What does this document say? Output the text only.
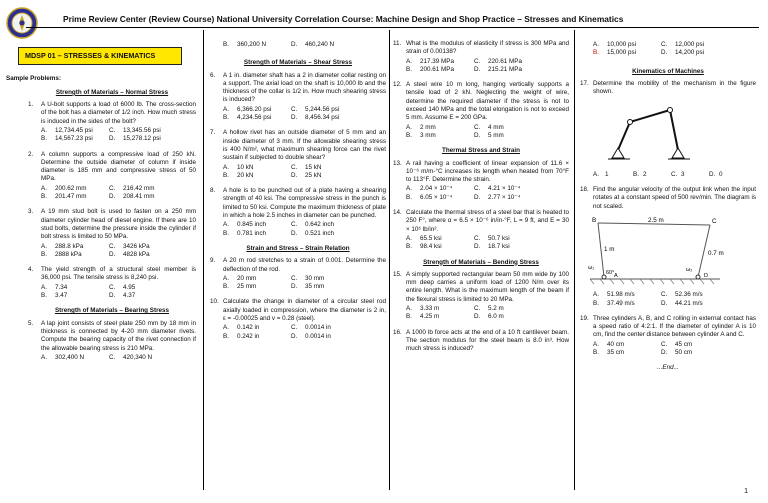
Prime Review Center (Review Course) National University Correlation Course: Machine Design and Shop Practice – Stresses and Kinematics
MDSP 01 – STRESSES & KINEMATICS
Sample Problems:
Strength of Materials – Normal Stress
1.	A U-bolt supports a load of 6000 lb. The cross-section of the bolt has a diameter of 1/2 inch. How much stress is induced in the sides of the bolt?
A.	12,734.45 psi	C.	13,345.56 psi
B.	14,567.23 psi	D.	15,278.12 psi
2.	A column supports a compressive load of 250 kN. Determine the outside diameter of column if inside diameter is 185 mm and compressive stress of 50 MPa.
A.	200.62 mm	C.	216.42 mm
B.	201.47 mm	D.	208.41 mm
3.	A 19 mm stud bolt is used to fasten on a 250 mm diameter cylinder head of diesel engine. If there are 10 stud bolts, determine the pressure inside the cylinder if bolt stress is limited to 50 MPa.
A.	288.8 kPa	C.	3426 kPa
B.	2888 kPa	D.	4828 kPa
4.	The yield strength of a structural steel member is 36,000 psi. The tensile stress is 8,240 psi.
A.	7.34	C.	4.95
B.	3.47	D.	4.37
Strength of Materials – Bearing Stress
5.	A lap joint consists of steel plate 250 mm by 18 mm in thickness is connected by 4-20 mm diameter rivets. Compute the bearing capacity of the rivet connection if the allowable bearing stress is 210 MPa.
A.	302,400 N	C.	420,340 N
B.	360,200 N	D.	460,240 N
Strength of Materials – Shear Stress
6.	A 1 in. diameter shaft has a 2 in diameter collar resting on a support. The axial load on the shaft is 10,000 lb and the thickness of the collar is 1/2 in. How much shearing stress is induced?
A.	6,366.20 psi	C.	5,244.56 psi
B.	4,234.56 psi	D.	8,456.34 psi
7.	A hollow rivet has an outside diameter of 5 mm and an inside diameter of 3 mm. If the allowable shearing stress is 400 N/m², what maximum shearing force can the rivet sustain if subjected to double shear?
A.	10 kN	C.	15 kN
B.	20 kN	D.	25 kN
8.	A hole is to be punched out of a plate having a shearing strength of 40 ksi. The compressive stress in the punch is limited to 50 ksi. Compute the maximum thickness of plate in which a hole 2.5 inches in diameter can be punched.
A.	0.845 inch	C.	0.642 inch
B.	0.781 inch	D.	0.521 inch
Strain and Stress – Strain Relation
9.	A 20 m rod stretches to a strain of 0.001. Determine the deflection of the rod.
A.	20 mm	C.	30 mm
B.	25 mm	D.	35 mm
10. Calculate the change in diameter of a circular steel rod axially loaded in compression, where the diameter is 2 in, ε = -0.00025 and v = 0.28 (steel).
A.	0.142 in	C.	0.0014 in
B.	0.242 in	D.	0.0014 in
11. What is the modulus of elasticity if stress is 300 MPa and strain of 0.00138?
A.	217.39 MPa	C.	220.61 MPa
B.	200.61 MPa	D.	215.21 MPa
12. A steel wire 10 m long, hanging vertically supports a tensile load of 2 kN. Neglecting the weight of wire, determine the required diameter if the stress is not to exceed 140 MPa and the total elongation is not to exceed 5 mm. Assume E = 200 GPa.
A.	2 mm	C.	4 mm
B.	3 mm	D.	5 mm
Thermal Stress and Strain
13. A rail having a coefficient of linear expansion of 11.6 × 10⁻⁶ m/m-°C increases its length when heated from 70°F to 113°F. Determine the strain.
A.	2.04 × 10⁻⁴	C.	4.21 × 10⁻⁴
B.	6.05 × 10⁻⁴	D.	2.77 × 10⁻⁴
14. Calculate the thermal stress of a steel bar that is heated to 250 F°, where α = 6.5 × 10⁻⁶ in/in-°F, L = 9 ft, and E = 30 × 10⁶ lb/in².
A.	65.5 ksi	C.	50.7 ksi
B.	98.4 ksi	D.	18.7 ksi
Strength of Materials – Bending Stress
15. A simply supported rectangular beam 50 mm wide by 100 mm deep carries a uniform load of 1200 N/m over its entire length. What is the maximum length of the beam if the flexural stress is limited to 20 MPa.
A.	3.33 m	C.	5.2 m
B.	4.25 m	D.	6.0 m
16. A 1000 lb force acts at the end of a 10 ft cantilever beam. The section modulus for the steel beam is 8.0 in³. How much stress is induced?
A.	10,000 psi	C.	12,000 psi
B.	15,000 psi	D.	14,200 psi
Kinematics of Machines
17. Determine the mobility of the mechanism in the figure shown.
A. 1	B. 2	C. 3	D. 0
18. Find the angular velocity of the output link when the input rotates at a constant speed of 500 rev/min. The diagram is not scaled.
B	C
2.5 m
1 m
0.7 m
60°
ω₁	ω₂
A	D
A.	51.98 m/s	C.	52.36 m/s
B.	37.49 m/s	D.	44.21 m/s
19. Three cylinders A, B, and C rolling in external contact has a speed ratio of 4:2:1. If the diameter of cylinder A is 10 cm, find the center distance between cylinder A and C.
A.	40 cm	C.	45 cm
B.	35 cm	D.	50 cm
...End...
1
